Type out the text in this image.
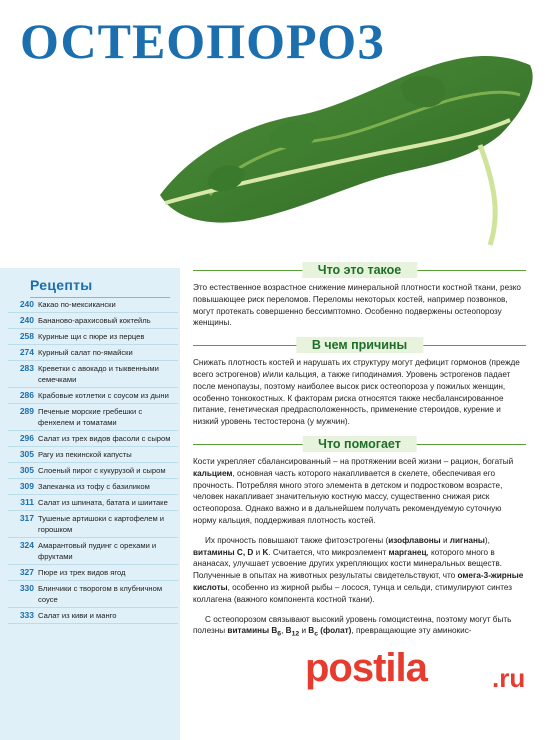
ОСТЕОПОРОЗ
Рецепты
240 Какао по-мексикански
240 Бананово-арахисовый коктейль
258 Куриные щи с пюре из перцев
274 Куриный салат по-ямайски
283 Креветки с авокадо и тыквенными семечками
286 Крабовые котлетки с соусом из дыни
289 Печеные морские гребешки с фенхелем и томатами
296 Салат из трех видов фасоли с сыром
305 Рагу из пекинской капусты
305 Слоеный пирог с кукурузой и сыром
309 Запеканка из тофу с базиликом
311 Салат из шпината, батата и шиитаке
317 Тушеные артишоки с картофелем и горошком
324 Амарантовый пудинг с орехами и фруктами
327 Пюре из трех видов ягод
330 Блинчики с творогом в клубничном соусе
333 Салат из киви и манго
Что это такое

Это естественное возрастное снижение минеральной плотности костной ткани, резко повышающее риск переломов. Переломы некоторых костей, например позвонков, могут протекать совершенно бессимптомно. Особенно подвержены остеопорозу женщины.

В чем причины

Снижать плотность костей и нарушать их структуру могут дефицит гормонов (прежде всего эстрогенов) и/или кальция, а также гиподинамия. Уровень эстрогенов падает после менопаузы, поэтому наиболее высок риск остеопороза у пожилых женщин, особенно тонкокостных. К факторам риска относятся также несбалансированное питание, генетическая предрасположенность, применение стероидов, курение и низкий уровень тестостерона (у мужчин).

Что помогает

Кости укрепляет сбалансированный – на протяжении всей жизни – рацион, богатый кальцием, основная часть которого накапливается в скелете, обеспечивая его прочность. Потребляя много этого элемента в детском и подростковом возрасте, человек накапливает значительную костную массу, существенно снижая риск остеопороза. Однако важно и в дальнейшем получать рекомендуемую суточную норму кальция, поддерживая плотность костей.

Их прочность повышают также фитоэстрогены (изофлавоны и лигнаны), витамины C, D и K. Считается, что микроэлемент марганец, которого много в ананасах, улучшает усвоение других укрепляющих кости минеральных веществ. Полученные в опытах на животных результаты свидетельствуют, что омега-3-жирные кислоты, особенно из жирной рыбы – лосося, тунца и сельди, стимулируют синтез коллагена (важного компонента костной ткани).

С остеопорозом связывают высокий уровень гомоцистеина, поэтому могут быть полезны витамины $B_6$, $B_{12}$ и $B_c$ (фолат), превращающие эту аминокис-

postila	.ru
